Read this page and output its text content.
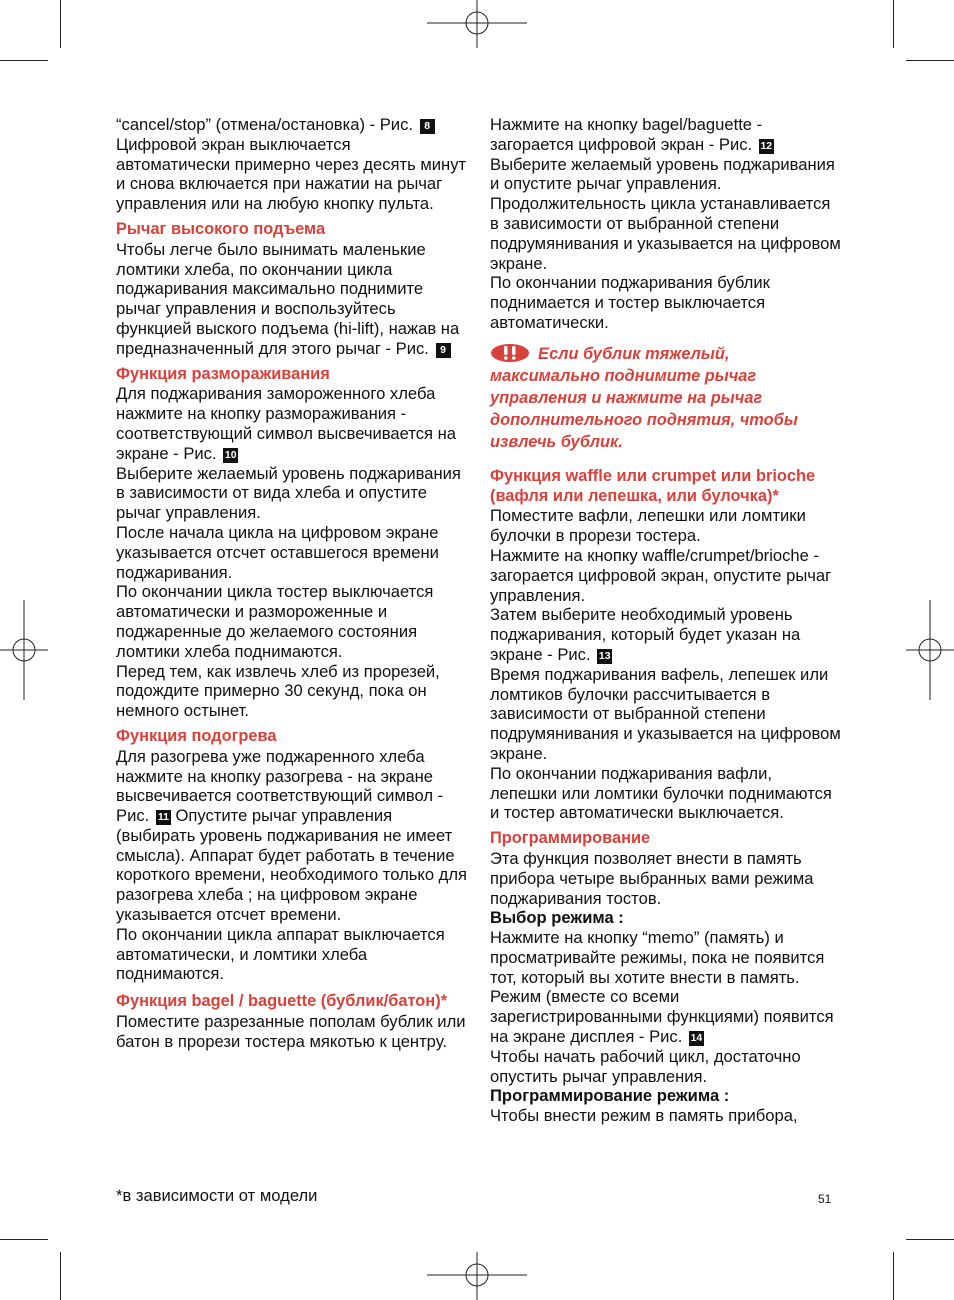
“cancel/stop” (отмена/остановка) - Рис. 8
Цифровой экран выключается автоматически примерно через десять минут и снова включается при нажатии на рычаг управления или на любую кнопку пульта.

Рычаг высокого подъема

Чтобы легче было вынимать маленькие ломтики хлеба, по окончании цикла поджаривания максимально поднимите рычаг управления и воспользуйтесь функцией выского подъема (hi-lift), нажав на предназначенный для этого рычаг - Рис. 9

Функция размораживания

Для поджаривания замороженного хлеба нажмите на кнопку размораживания - соответствующий символ высвечивается на экране - Рис. 10
Выберите желаемый уровень поджаривания в зависимости от вида хлеба и опустите рычаг управления.
После начала цикла на цифровом экране указывается отсчет оставшегося времени поджаривания.
По окончании цикла тостер выключается автоматически и размороженные и поджаренные до желаемого состояния ломтики хлеба поднимаются.
Перед тем, как извлечь хлеб из прорезей, подождите примерно 30 секунд, пока он немного остынет.

Функция подогрева

Для разогрева уже поджаренного хлеба нажмите на кнопку разогрева - на экране высвечивается соответствующий символ - Рис. 11 Опустите рычаг управления (выбирать уровень поджаривания не имеет смысла). Аппарат будет работать в течение короткого времени, необходимого только для разогрева хлеба ; на цифровом экране указывается отсчет времени.
По окончании цикла аппарат выключается автоматически, и ломтики хлеба поднимаются.

Функция bagel / baguette (бублик/батон)*

Поместите разрезанные пополам бублик или батон в прорези тостера мякотью к центру.

Нажмите на кнопку bagel/baguette - загорается цифровой экран - Рис. 12
Выберите желаемый уровень поджаривания и опустите рычаг управления.
Продолжительность цикла устанавливается в зависимости от выбранной степени подрумянивания и указывается на цифровом экране.
По окончании поджаривания бублик поднимается и тостер выключается автоматически.

Если бублик тяжелый, максимально поднимите рычаг управления и нажмите на рычаг дополнительного поднятия, чтобы извлечь бублик.

Функция waffle или crumpet или brioche (вафля или лепешка, или булочка)*

Поместите вафли, лепешки или ломтики булочки в прорези тостера.
Нажмите на кнопку waffle/crumpet/brioche - загорается цифровой экран, опустите рычаг управления.
Затем выберите необходимый уровень поджаривания, который будет указан на экране - Рис. 13
Время поджаривания вафель, лепешек или ломтиков булочки рассчитывается в зависимости от выбранной степени подрумянивания и указывается на цифровом экране.
По окончании поджаривания вафли, лепешки или ломтики булочки поднимаются и тостер автоматически выключается.

Программирование

Эта функция позволяет внести в память прибора четыре выбранных вами режима поджаривания тостов.
Выбор режима :
Нажмите на кнопку “memo” (память) и просматривайте режимы, пока не появится тот, который вы хотите внести в память.
Режим (вместе со всеми зарегистрированными функциями) появится на экране дисплея - Рис. 14
Чтобы начать рабочий цикл, достаточно опустить рычаг управления.
Программирование режима :
Чтобы внести режим в память прибора,

*в зависимости от модели	51
